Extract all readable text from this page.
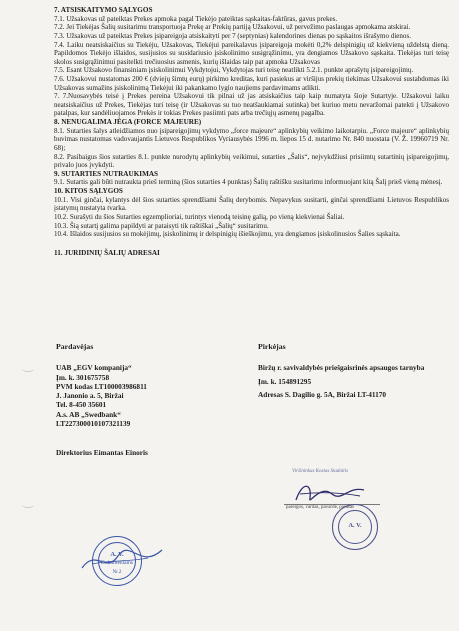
7. ATSISKAITYMO SĄLYGOS

7.1. Užsakovas už pateiktas Prekes apmoka pagal Tiekėjo pateiktas sąskaitas-faktūras, gavus prekes.

7.2. Jei Tiekėjas Šalių susitarimu transportuoja Prekę ar Prekių partiją Užsakovui, už pervežimo paslaugas apmokama atskirai.

7.3. Užsakovas už pateiktas Prekes įsipareigoja atsiskaityti per 7 (septynias) kalendorines dienas po sąskaitos išrašymo dienos.

7.4. Laiku neatsiskaičius su Tiekėju, Užsakovas, Tiekėjui pareikalavus įsipareigoja mokėti 0,2% delspinigių už kiekvieną uždelstą dieną. Papildomos Tiekėjo išlaidos, susijusios su susidariusio įsiskolinimo susigrąžinimu, yra dengiamos Užsakovo sąskaita. Tiekėjas turi teisę skolos susigrąžinimui pasitelkti trečiuosius asmenis, kurių išlaidas taip pat apmoka Užsakovas

7.5. Esant Užsakovo finansiniam įsiskolinimui Vykdytojui, Vykdytojas turi teisę neatlikti 5.2.1. punkte aprašytų įsipareigojimų.

7.6. Užsakovui nustatomas 200 € (dviejų šimtų eurų) pirkimo kreditas, kuri pasiekus ar viršijus prekių tiekimas Užsakovui sustabdomas iki Užsakovas sumažins įsiskolinimą Tiekėjui iki pakankamo lygio naujiems pardavimams atlikti.

7. 7.Nuosavybės teisė į Prekes pereina Užsakovui tik pilnai už jas atsiskaičius taip kaip numatyta šioje Sutartyje. Užsakovui laiku neatsiskaičius už Prekes, Tiekėjas turi teisę (ir Užsakovas su tuo neatšaukiamai sutinka) bet kuriuo metu nevaržomai patekti į Užsakovo patalpas, kur sandėliuojamos Prekės ir tokias Prekes pasiimti pats arba trečiųjų asmenų pagalba.

8. NENUGALIMA JĖGA (FORCE MAJEURE)

8.1. Sutarties šalys atleidžiamos nuo įsipareigojimų vykdymo „force majeure“ aplinkybių veikimo laikotarpiu. „Force majeure“ aplinkybių buvimas nustatomas vadovaujantis Lietuvos Respublikos Vyriausybės 1996 m. liepos 15 d. nutarimo Nr. 840 nuostata (V. Ž. 19960719 Nr. 68);

8.2. Pasibaigus šios sutarties 8.1. punkte nurodytų aplinkybių veikimui, sutarties „Šalis“, nejvykdžiusi prisiimtų sutartinių įsipareigojimų, privalo juos įvykdyti.

9. SUTARTIES NUTRAUKIMAS

9.1. Sutartis gali būti nutraukta prieš terminą (šios sutarties 4 punktas) Šalių raštišku susitarimu informuojant kitą Šalį prieš vieną mėnesį.

10. KITOS SĄLYGOS

10.1. Visi ginčai, kylantys dėl šios sutarties sprendžiami Šalių derybomis. Nepavykus susitarti, ginčai sprendžiami Lietuvos Respublikos įstatymų nustatyta tvarka.

10.2. Surašyti du šios Sutarties egzemplioriai, turintys vienodą teisinę galią, po vieną kiekvienai Šaliai.

10.3. Šią sutartį galima papildyti ar pataisyti tik raštiškai „Šalių“ susitarimu.

10.4. Išlaidos susijusios su mokėjimų, įsiskolinimų ir delspinigių išieškojimu, yra dengiamos įsiskolinusios Šalies sąskaita.

11. JURIDINIŲ ŠALIŲ ADRESAI
Pardavėjas
UAB „EGV kompanija“
Įm. k. 301675758
PVM kodas LT100003986811
J. Janonio a. 5, Biržai
Tel. 8-450 35601
A.s. AB „Swedbank“
LT227300010107321139
Direktorius Eimantas Einoris
Pirkėjas
Biržų r. savivaldybės priešgaisrinės apsaugos tarnyba
Įm. k. 154891295
Adresas S. Dagilio g. 5A, Biržai LT-41170
A. V.
Dokumentams
Nr.2
Viršininkas Kostas Stadaitis
pareigos, vardas, pavardė, parašas
A. V.
